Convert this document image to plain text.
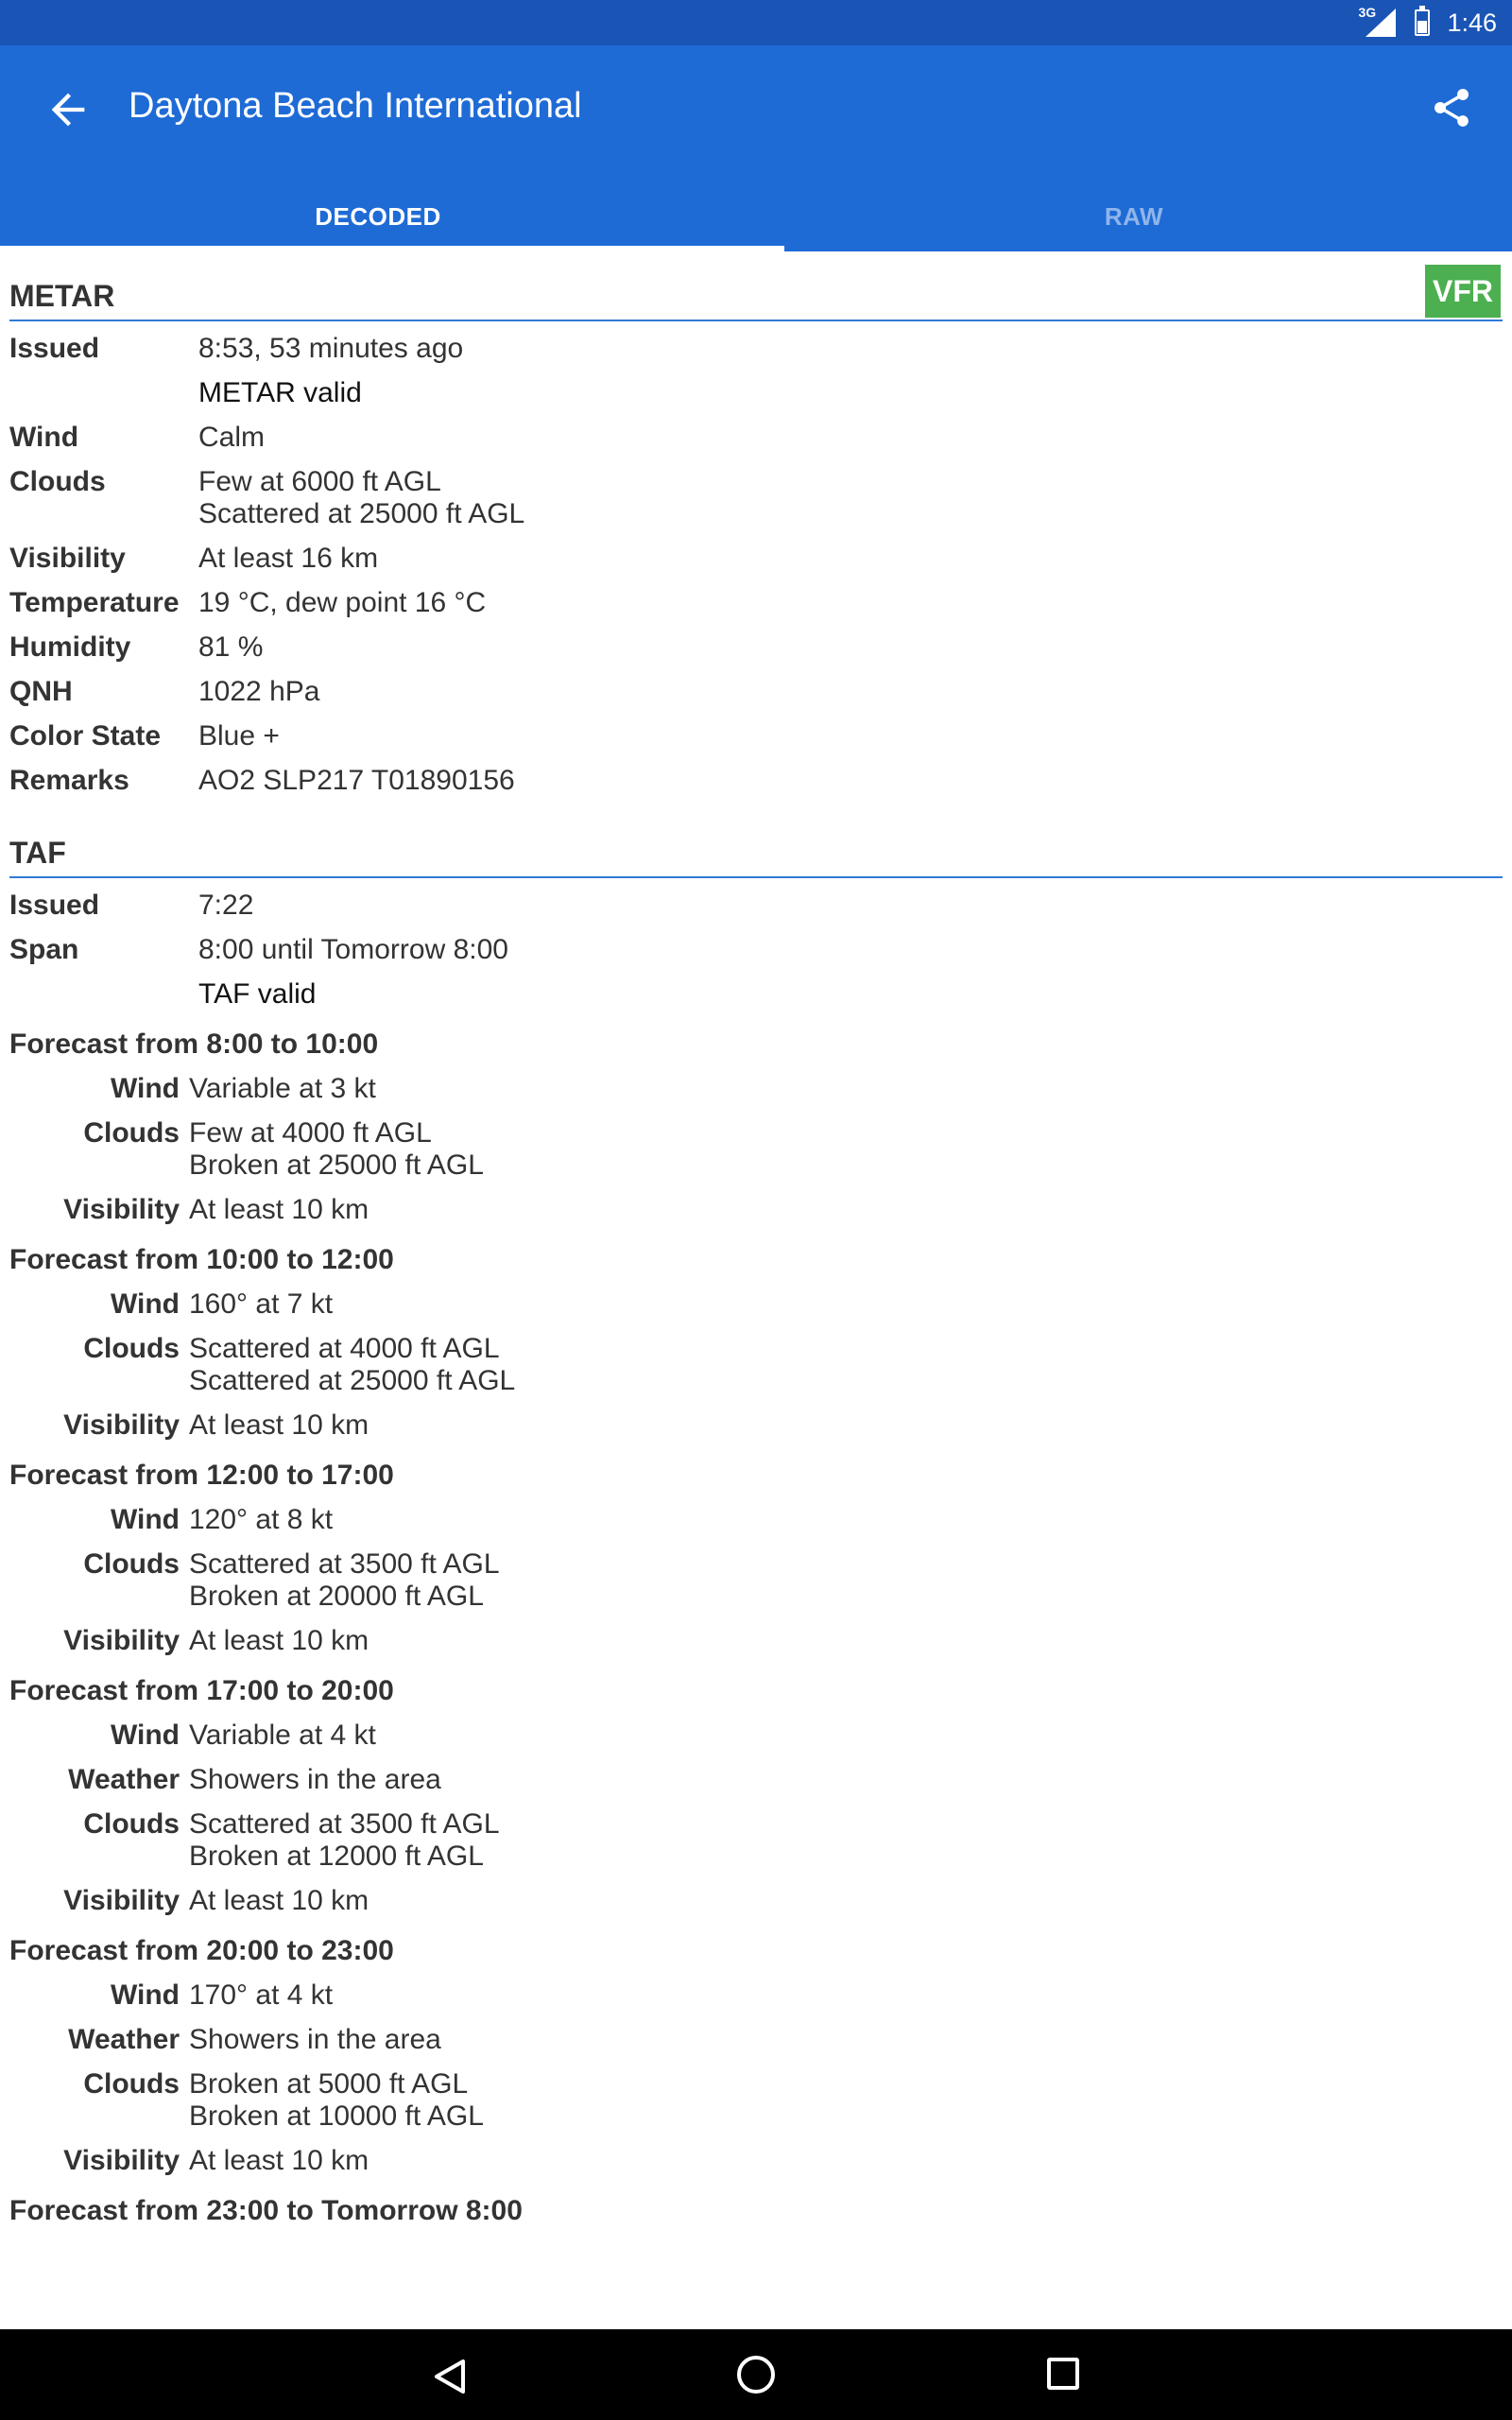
3G	1:46
Daytona Beach International
DECODED	RAW
METAR	VFR
Issued	8:53, 53 minutes ago
METAR valid
Wind	Calm
Clouds	Few at 6000 ft AGL
Scattered at 25000 ft AGL
Visibility	At least 16 km
Temperature 19 °C, dew point 16 °C
Humidity	81 %
QNH	1022 hPa
Color State	Blue +
Remarks	AO2 SLP217 T01890156
TAF
Issued	7:22
Span	8:00 until Tomorrow 8:00
TAF valid
Forecast from 8:00 to 10:00
Wind Variable at 3 kt
Clouds Few at 4000 ft AGL
Broken at 25000 ft AGL
Visibility At least 10 km
Forecast from 10:00 to 12:00
Wind 160° at 7 kt
Clouds Scattered at 4000 ft AGL
Scattered at 25000 ft AGL
Visibility At least 10 km
Forecast from 12:00 to 17:00
Wind 120° at 8 kt
Clouds Scattered at 3500 ft AGL
Broken at 20000 ft AGL
Visibility At least 10 km
Forecast from 17:00 to 20:00
Wind Variable at 4 kt
Weather Showers in the area
Clouds Scattered at 3500 ft AGL
Broken at 12000 ft AGL
Visibility At least 10 km
Forecast from 20:00 to 23:00
Wind 170° at 4 kt
Weather Showers in the area
Clouds Broken at 5000 ft AGL
Broken at 10000 ft AGL
Visibility At least 10 km
Forecast from 23:00 to Tomorrow 8:00
